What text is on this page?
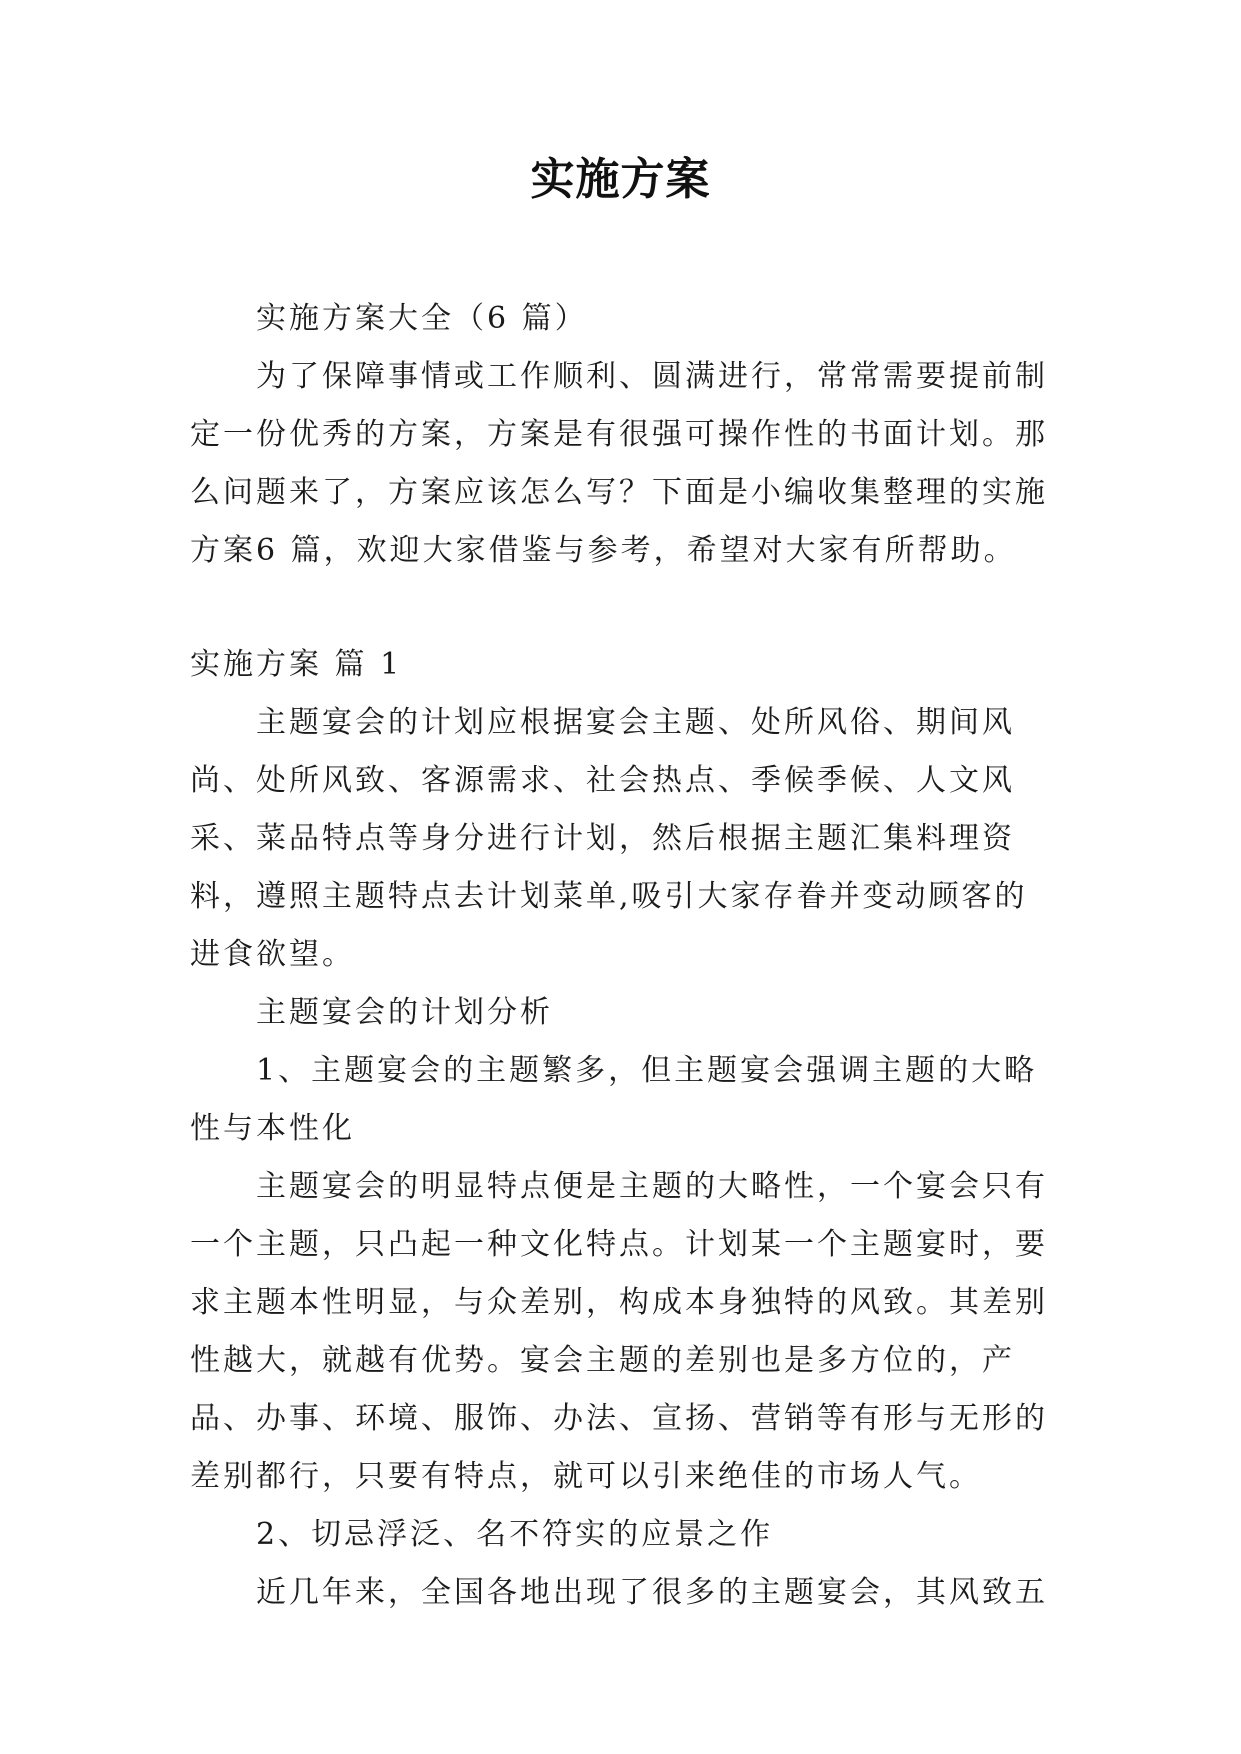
实施方案

实施方案大全（6 篇）

为了保障事情或工作顺利、圆满进行，常常需要提前制定一份优秀的方案，方案是有很强可操作性的书面计划。那么问题来了，方案应该怎么写？下面是小编收集整理的实施方案6 篇，欢迎大家借鉴与参考，希望对大家有所帮助。

实施方案 篇 1

主题宴会的计划应根据宴会主题、处所风俗、期间风尚、处所风致、客源需求、社会热点、季候季候、人文风采、菜品特点等身分进行计划，然后根据主题汇集料理资料，遵照主题特点去计划菜单,吸引大家存眷并变动顾客的进食欲望。

主题宴会的计划分析

1、主题宴会的主题繁多，但主题宴会强调主题的大略性与本性化

主题宴会的明显特点便是主题的大略性，一个宴会只有一个主题，只凸起一种文化特点。计划某一个主题宴时，要求主题本性明显，与众差别，构成本身独特的风致。其差别性越大，就越有优势。宴会主题的差别也是多方位的，产品、办事、环境、服饰、办法、宣扬、营销等有形与无形的差别都行，只要有特点，就可以引来绝佳的市场人气。

2、切忌浮泛、名不符实的应景之作

近几年来，全国各地出现了很多的主题宴会，其风致五
